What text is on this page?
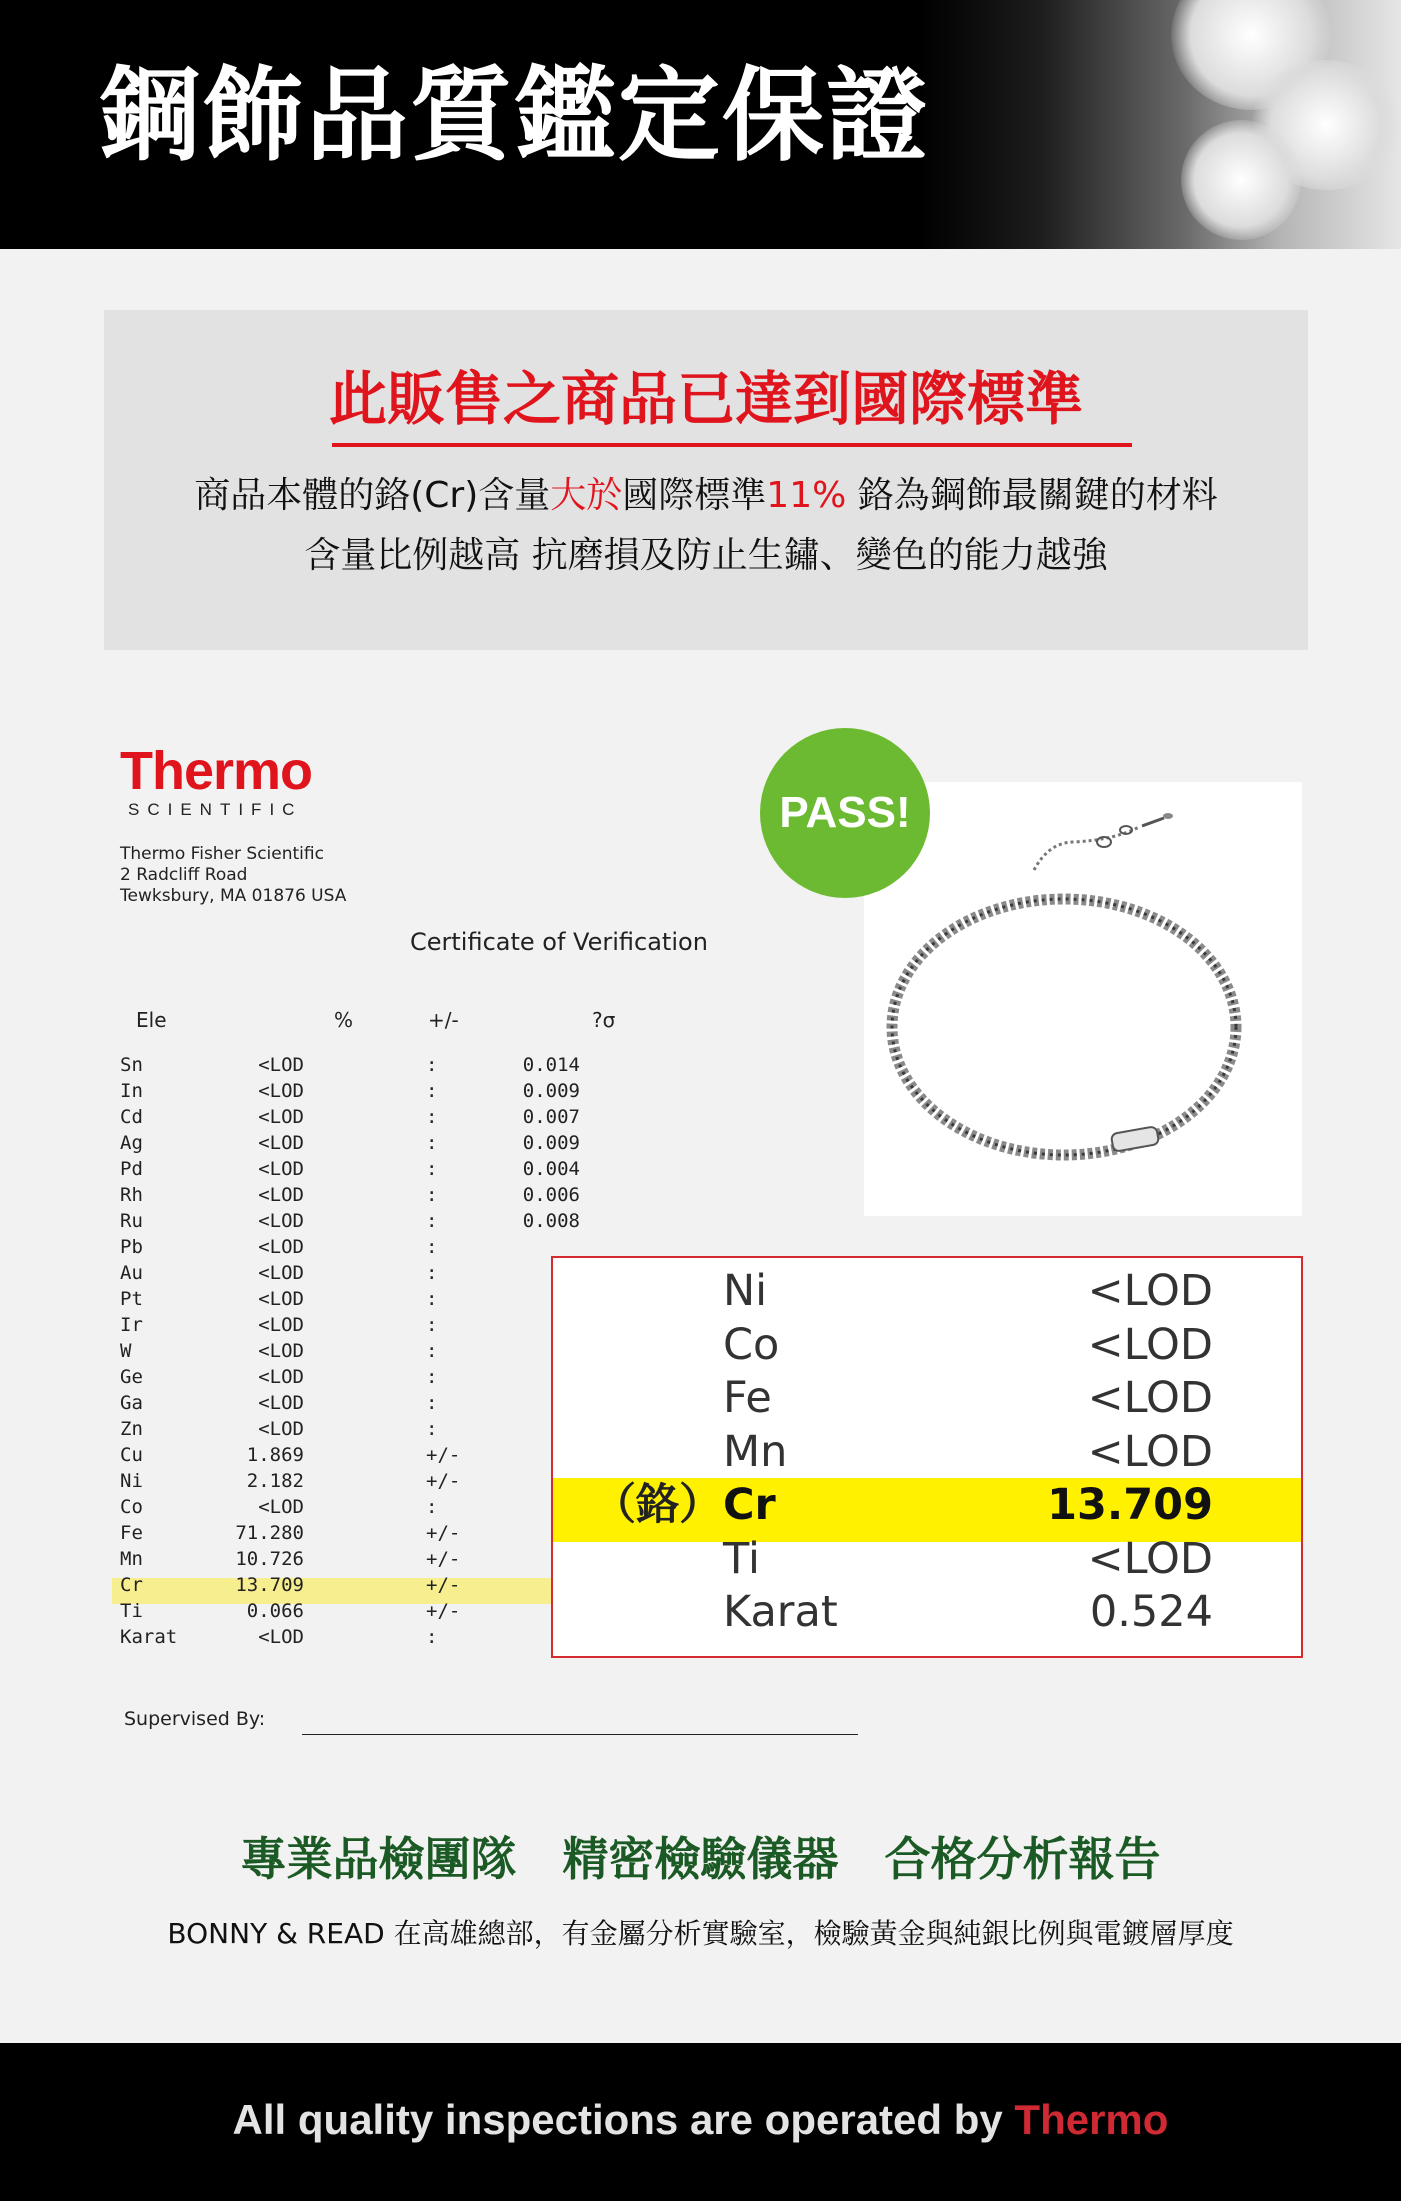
鋼飾品質鑑定保證
此販售之商品已達到國際標準
商品本體的鉻(Cr)含量大於國際標準11% 鉻為鋼飾最關鍵的材料
含量比例越高 抗磨損及防止生鏽、變色的能力越強
Thermo
SCIENTIFIC
Thermo Fisher Scientific
2 Radcliff Road
Tewksbury, MA 01876 USA
Certificate of Verification
Ele	%	+/-	?σ
Supervised By:
Sn	<LOD	:	0.014
In	<LOD	:	0.009
Cd	<LOD	:	0.007
Ag	<LOD	:	0.009
Pd	<LOD	:	0.004
Rh	<LOD	:	0.006
Ru	<LOD	:	0.008
Pb	<LOD	:
Au	<LOD	:
Pt	<LOD	:
Ir	<LOD	:
W	<LOD	:
Ge	<LOD	:
Ga	<LOD	:
Zn	<LOD	:
Cu	1.869	+/-
Ni	2.182	+/-
Co	<LOD	:
Fe	71.280	+/-
Mn	10.726	+/-
Cr	13.709	+/-
Ti	0.066	+/-
Karat	<LOD	:
PASS!
Ni	<LOD
Co	<LOD
Fe	<LOD
Mn	<LOD
（鉻） Cr	13.709
Ti	<LOD
Karat	0.524
專業品檢團隊　精密檢驗儀器　合格分析報告
BONNY & READ 在高雄總部，有金屬分析實驗室，檢驗黃金與純銀比例與電鍍層厚度
All quality inspections are operated by Thermo
